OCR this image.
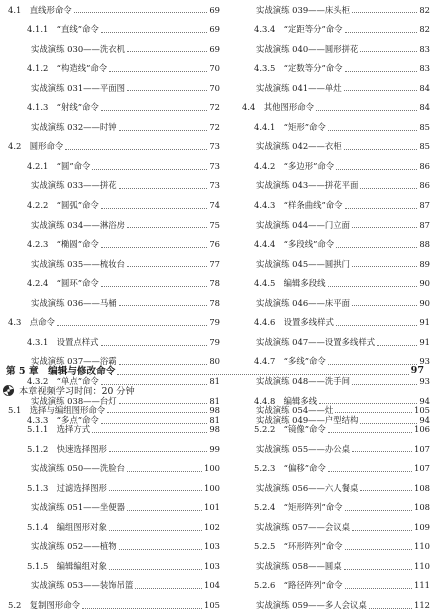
4.1　直线形命令	69
4.1.1　“直线”命令	69
实战演练 030——洗衣机	69
4.1.2　“构造线”命令	70
实战演练 031——平面图	70
4.1.3　“射线”命令	72
实战演练 032——时钟	72
4.2　圆形命令	73
4.2.1　“圆”命令	73
实战演练 033——拼花	73
4.2.2　“圆弧”命令	74
实战演练 034——淋浴房	75
4.2.3　“椭圆”命令	76
实战演练 035——梳妆台	77
4.2.4　“圆环”命令	78
实战演练 036——马桶	78
4.3　点命令	79
4.3.1　设置点样式	79
实战演练 037——浴霸	80
4.3.2　“单点”命令	81
实战演练 038——台灯	81
4.3.3　“多点”命令	81
实战演练 039——床头柜	82
4.3.4　“定距等分”命令	82
实战演练 040——圆形拼花	83
4.3.5　“定数等分”命令	83
实战演练 041——单灶	84
4.4　其他图形命令	84
4.4.1　“矩形”命令	85
实战演练 042——衣柜	85
4.4.2　“多边形”命令	86
实战演练 043——拼花平面	86
4.4.3　“样条曲线”命令	87
实战演练 044——门立面	87
4.4.4　“多段线”命令	88
实战演练 045——圆拱门	89
4.4.5　编辑多段线	90
实战演练 046——床平面	90
4.4.6　设置多线样式	91
实战演练 047——设置多线样式	91
4.4.7　“多线”命令	93
实战演练 048——洗手间	93
4.4.8　编辑多线	94
实战演练 049——户型结构	94
第 5 章　编辑与修改命令	97
本章视频学习时间：20 分钟
5.1　选择与编组图形命令	98
5.1.1　选择方式	98
5.1.2　快速选择图形	99
实战演练 050——洗脸台	100
5.1.3　过滤选择图形	100
实战演练 051——坐便器	101
5.1.4　编组图形对象	102
实战演练 052——植物	103
5.1.5　编辑编组对象	103
实战演练 053——装饰吊篮	104
5.2　复制图形命令	105
实战演练 054——灶	105
5.2.2　“镜像”命令	106
实战演练 055——办公桌	107
5.2.3　“偏移”命令	107
实战演练 056——六人餐桌	108
5.2.4　“矩形阵列”命令	108
实战演练 057——会议桌	109
5.2.5　“环形阵列”命令	110
实战演练 058——圆桌	110
5.2.6　“路径阵列”命令	111
实战演练 059——多人会议桌	112
